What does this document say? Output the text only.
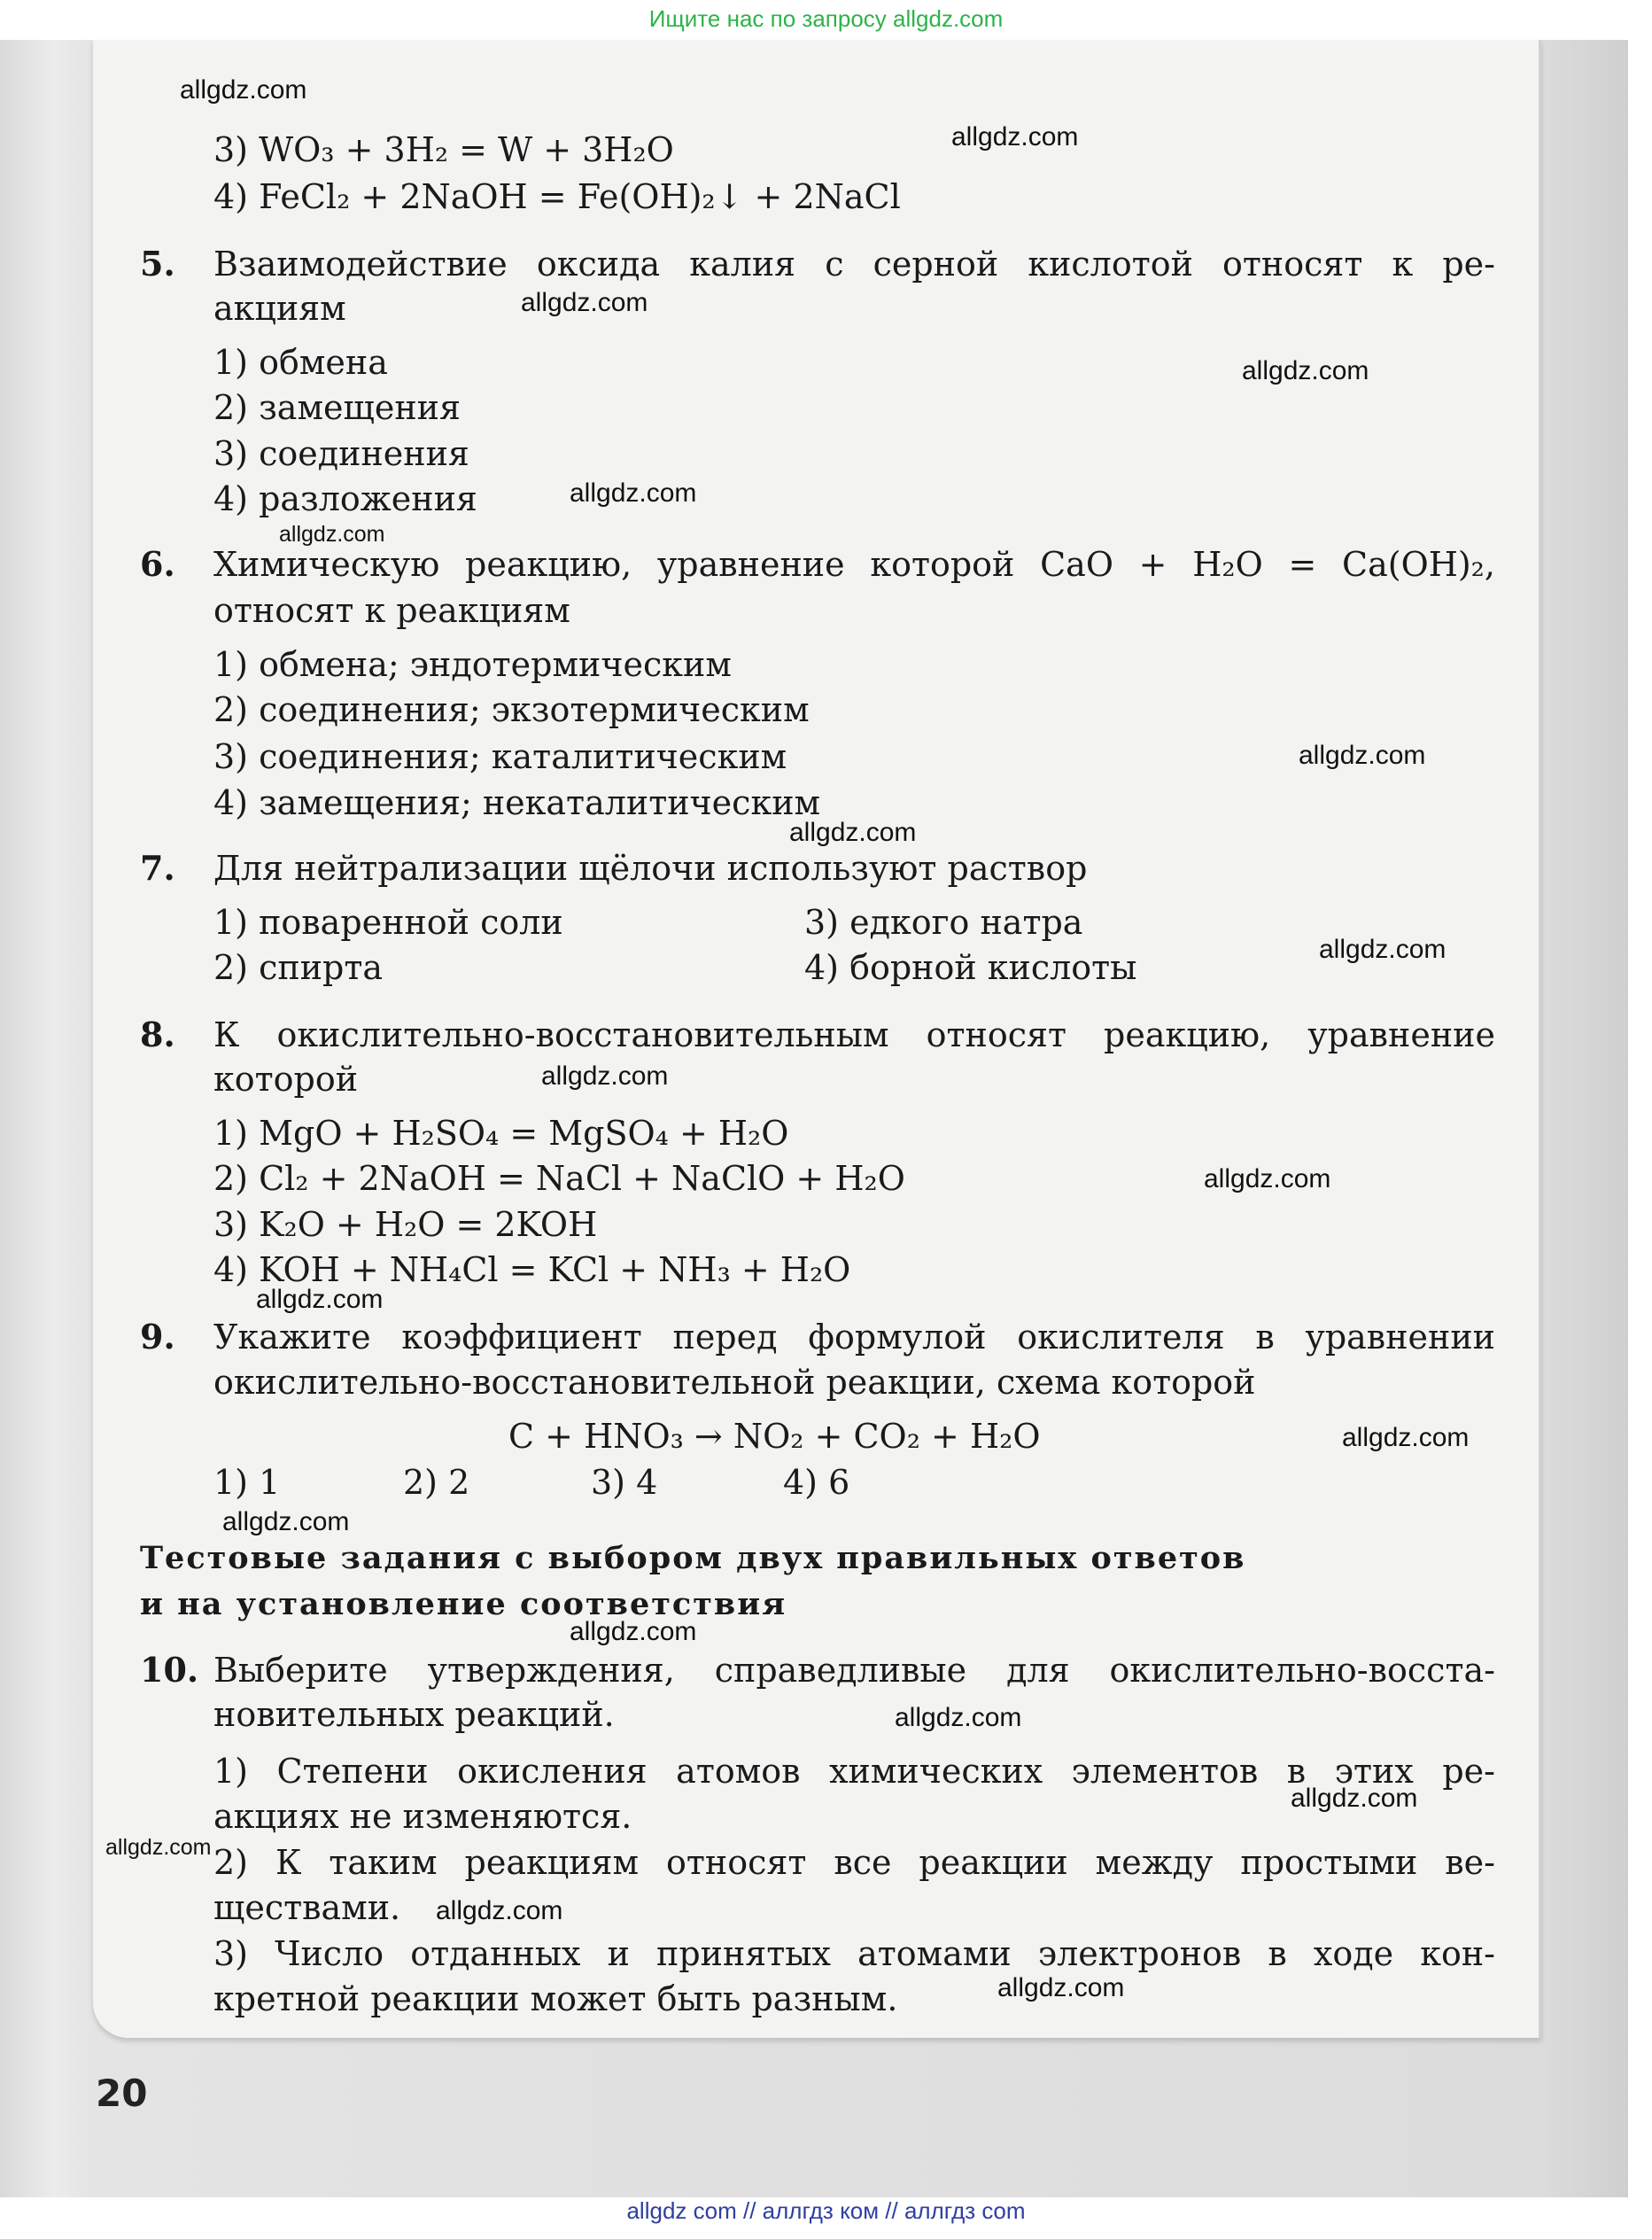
Ищите нас по запросу allgdz.com
3) WO₃ + 3H₂ = W + 3H₂O
4) FeCl₂ + 2NaOH = Fe(OH)₂↓ + 2NaCl
5. Взаимодействие оксида калия с серной кислотой относят к ре-
акциям
1) обмена
2) замещения
3) соединения
4) разложения
6. Химическую реакцию, уравнение которой CaO + H₂O = Ca(OH)₂,
относят к реакциям
1) обмена; эндотермическим
2) соединения; экзотермическим
3) соединения; каталитическим
4) замещения; некаталитическим
7. Для нейтрализации щёлочи используют раствор
1) поваренной соли
2) спирта
3) едкого натра
4) борной кислоты
8. К окислительно-восстановительным относят реакцию, уравнение
которой
1) MgO + H₂SO₄ = MgSO₄ + H₂O
2) Cl₂ + 2NaOH = NaCl + NaClO + H₂O
3) K₂O + H₂O = 2KOH
4) KOH + NH₄Cl = KCl + NH₃ + H₂O
9. Укажите коэффициент перед формулой окислителя в уравнении
окислительно-восстановительной реакции, схема которой
C + HNO₃ → NO₂ + CO₂ + H₂O
1) 1	2) 2	3) 4	4) 6
Тестовые задания с выбором двух правильных ответов
и на установление соответствия
10. Выберите утверждения, справедливые для окислительно-восста-
новительных реакций.
1) Степени окисления атомов химических элементов в этих ре-
акциях не изменяются.
2) К таким реакциям относят все реакции между простыми ве-
ществами.
3) Число отданных и принятых атомами электронов в ходе кон-
кретной реакции может быть разным.
20
allgdz.com
allgdz.com
allgdz.com
allgdz.com
allgdz.com
allgdz.com
allgdz.com
allgdz.com
allgdz.com
allgdz.com
allgdz.com
allgdz.com
allgdz.com
allgdz.com
allgdz.com
allgdz.com
allgdz.com
allgdz.com
allgdz.com
allgdz.com
allgdz com // аллгдз ком // аллгдз com
